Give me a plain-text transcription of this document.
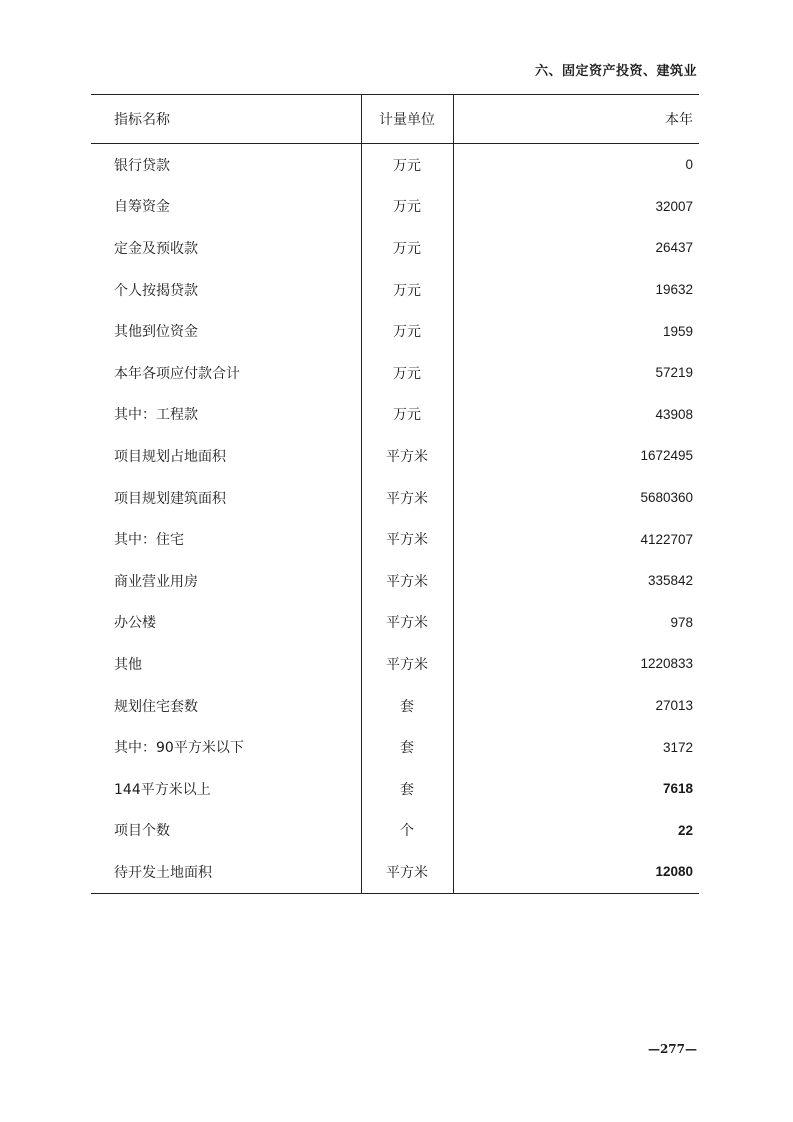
六、固定资产投资、建筑业
指标名称	计量单位	本年
银行贷款	万元	0
自筹资金	万元	32007
定金及预收款	万元	26437
个人按揭贷款	万元	19632
其他到位资金	万元	1959
本年各项应付款合计	万元	57219
其中：工程款	万元	43908
项目规划占地面积	平方米	1672495
项目规划建筑面积	平方米	5680360
其中：住宅	平方米	4122707
商业营业用房	平方米	335842
办公楼	平方米	978
其他	平方米	1220833
规划住宅套数	套	27013
其中：90平方米以下	套	3172
144平方米以上	套	7618
项目个数	个	22
待开发土地面积	平方米	12080
—277—
